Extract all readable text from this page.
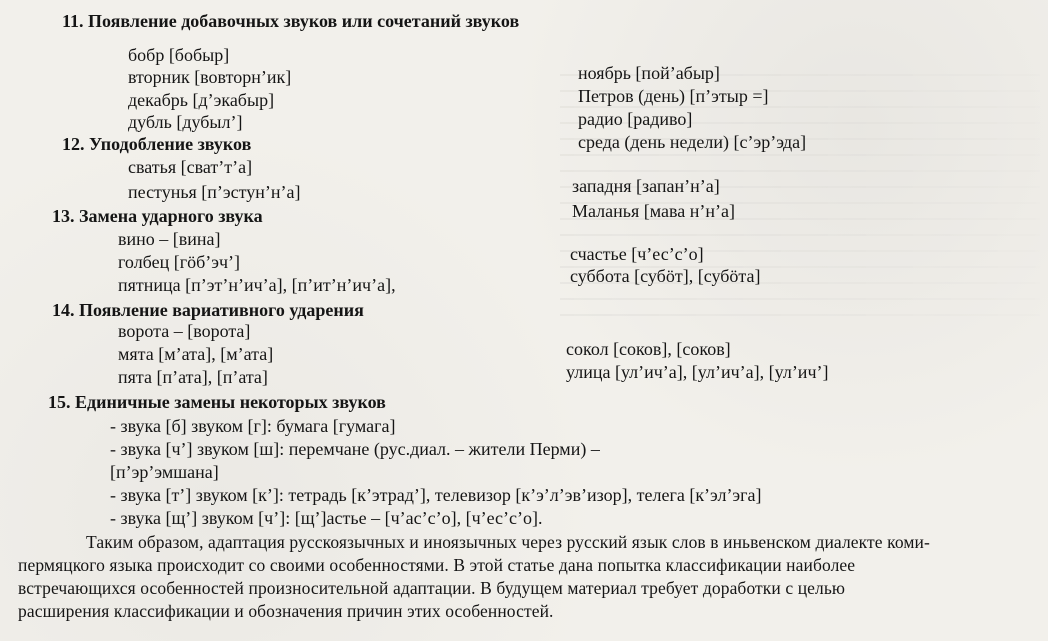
11. Появление добавочных звуков или сочетаний звуков
бобр [бобыр]
вторник [вовторн’ик]
декабрь [д’экабыр]
дубль [дубыл’]
ноябрь [пой’абыр]
Петров (день) [п’этыр =]
радио [радиво]
среда (день недели) [с’эр’эда]
12. Уподобление звуков
сватья [сват’т’а]
пестунья [п’эстун’н’а]	западня [запан’н’а]
Маланья [мава н’н’а]
13. Замена ударного звука
вино – [вина]
голбец [гöб’эч’]
пятница [п’эт’н’ич’а], [п’ит’н’ич’а],
счастье [ч’ес’с’о]
суббота [субöт], [субöта]
14. Появление вариативного ударения
ворота – [ворота]
мята [м’ата], [м’ата]
пята [п’ата], [п’ата]
сокол [соков], [соков]
улица [ул’ич’а], [ул’ич’а], [ул’ич’]
15. Единичные замены некоторых звуков
- звука [б] звуком [г]: бумага [гумага]
- звука [ч’] звуком [ш]: перемчане (рус.диал. – жители Перми) –
[п’эр’эмшана]
- звука [т’] звуком [к’]: тетрадь [к’этрад’], телевизор [к’э’л’эв’изор], телега [к’эл’эга]
- звука [щ’] звуком [ч’]: [щ’]астье – [ч’ас’с’о], [ч’ес’с’о].
Таким образом, адаптация русскоязычных и иноязычных через русский язык слов в иньвенском диалекте коми-
пермяцкого языка происходит со своими особенностями. В этой статье дана попытка классификации наиболее
встречающихся особенностей произносительной адаптации. В будущем материал требует доработки с целью
расширения классификации и обозначения причин этих особенностей.
